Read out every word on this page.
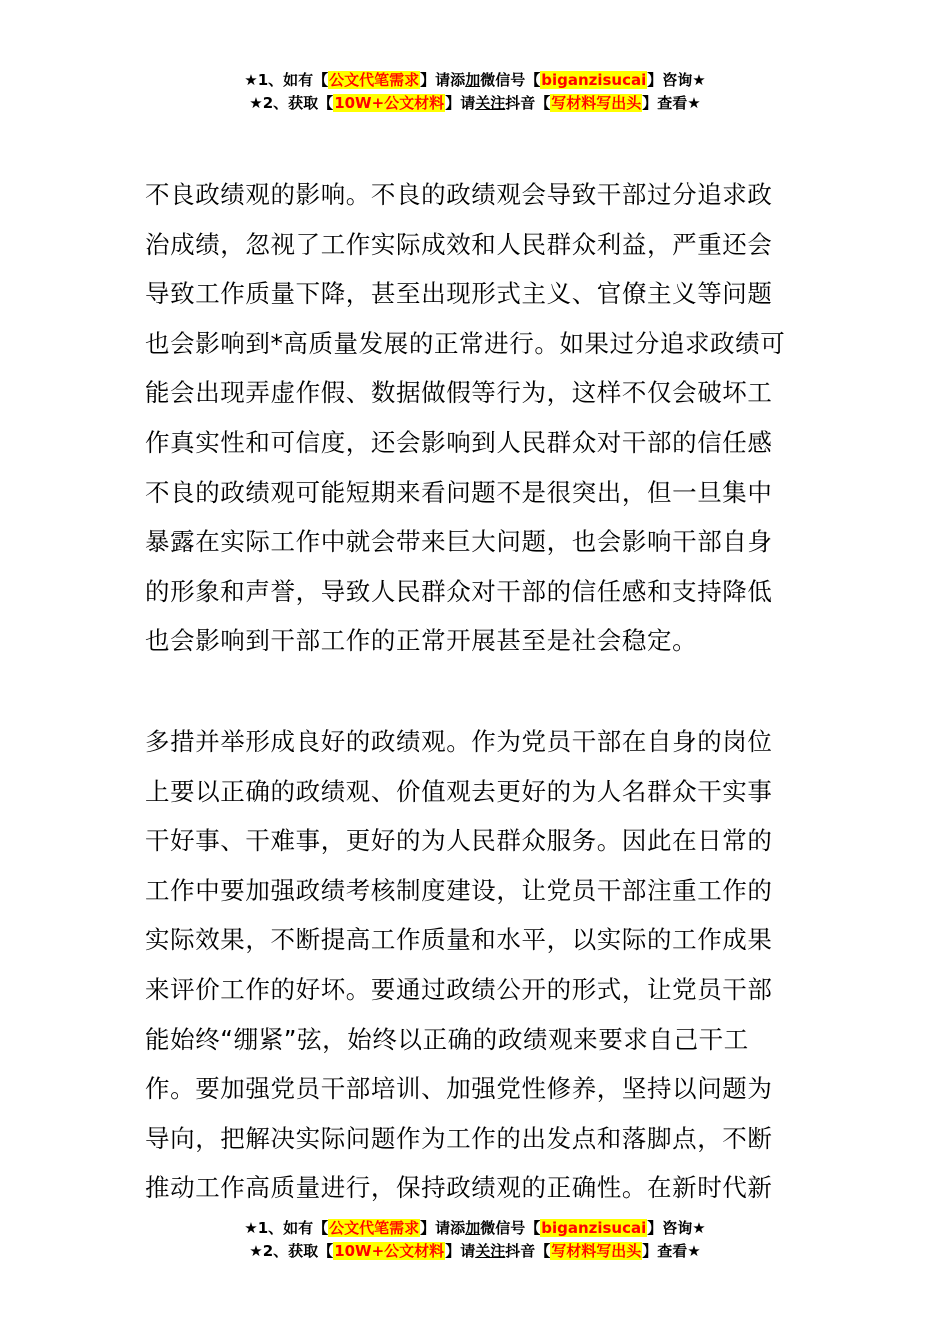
★1、如有【公文代笔需求】请添加微信号【biganzisucai】咨询★
★2、获取【10W+公文材料】请关注抖音【写材料写出头】查看★
不良政绩观的影响。不良的政绩观会导致干部过分追求政
治成绩，忽视了工作实际成效和人民群众利益，严重还会
导致工作质量下降，甚至出现形式主义、官僚主义等问题
也会影响到*高质量发展的正常进行。如果过分追求政绩可
能会出现弄虚作假、数据做假等行为，这样不仅会破坏工
作真实性和可信度，还会影响到人民群众对干部的信任感
不良的政绩观可能短期来看问题不是很突出，但一旦集中
暴露在实际工作中就会带来巨大问题，也会影响干部自身
的形象和声誉，导致人民群众对干部的信任感和支持降低
也会影响到干部工作的正常开展甚至是社会稳定。
多措并举形成良好的政绩观。作为党员干部在自身的岗位
上要以正确的政绩观、价值观去更好的为人名群众干实事
干好事、干难事，更好的为人民群众服务。因此在日常的
工作中要加强政绩考核制度建设，让党员干部注重工作的
实际效果，不断提高工作质量和水平，以实际的工作成果
来评价工作的好坏。要通过政绩公开的形式，让党员干部
能始终“绷紧”弦，始终以正确的政绩观来要求自己干工
作。要加强党员干部培训、加强党性修养，坚持以问题为
导向，把解决实际问题作为工作的出发点和落脚点，不断
推动工作高质量进行，保持政绩观的正确性。在新时代新
★1、如有【公文代笔需求】请添加微信号【biganzisucai】咨询★
★2、获取【10W+公文材料】请关注抖音【写材料写出头】查看★
